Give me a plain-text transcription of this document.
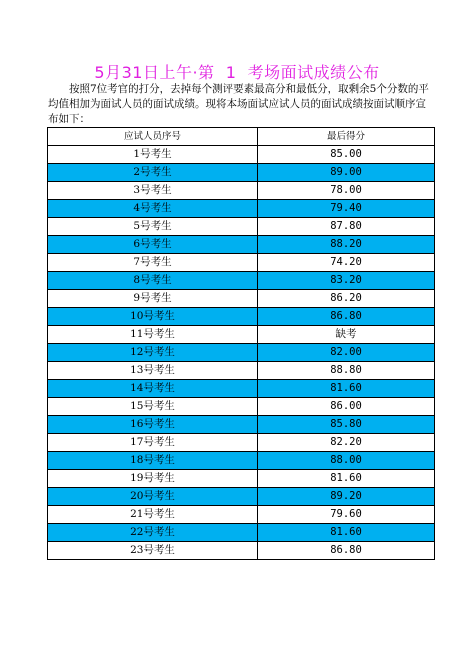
5月31日上午·第  1  考场面试成绩公布

按照7位考官的打分，去掉每个测评要素最高分和最低分，取剩余5个分数的平均值相加为面试人员的面试成绩。现将本场面试应试人员的面试成绩按面试顺序宣布如下：

应试人员序号	最后得分
1号考生	85.00
2号考生	89.00
3号考生	78.00
4号考生	79.40
5号考生	87.80
6号考生	88.20
7号考生	74.20
8号考生	83.20
9号考生	86.20
10号考生	86.80
11号考生	缺考
12号考生	82.00
13号考生	88.80
14号考生	81.60
15号考生	86.00
16号考生	85.80
17号考生	82.20
18号考生	88.00
19号考生	81.60
20号考生	89.20
21号考生	79.60
22号考生	81.60
23号考生	86.80
